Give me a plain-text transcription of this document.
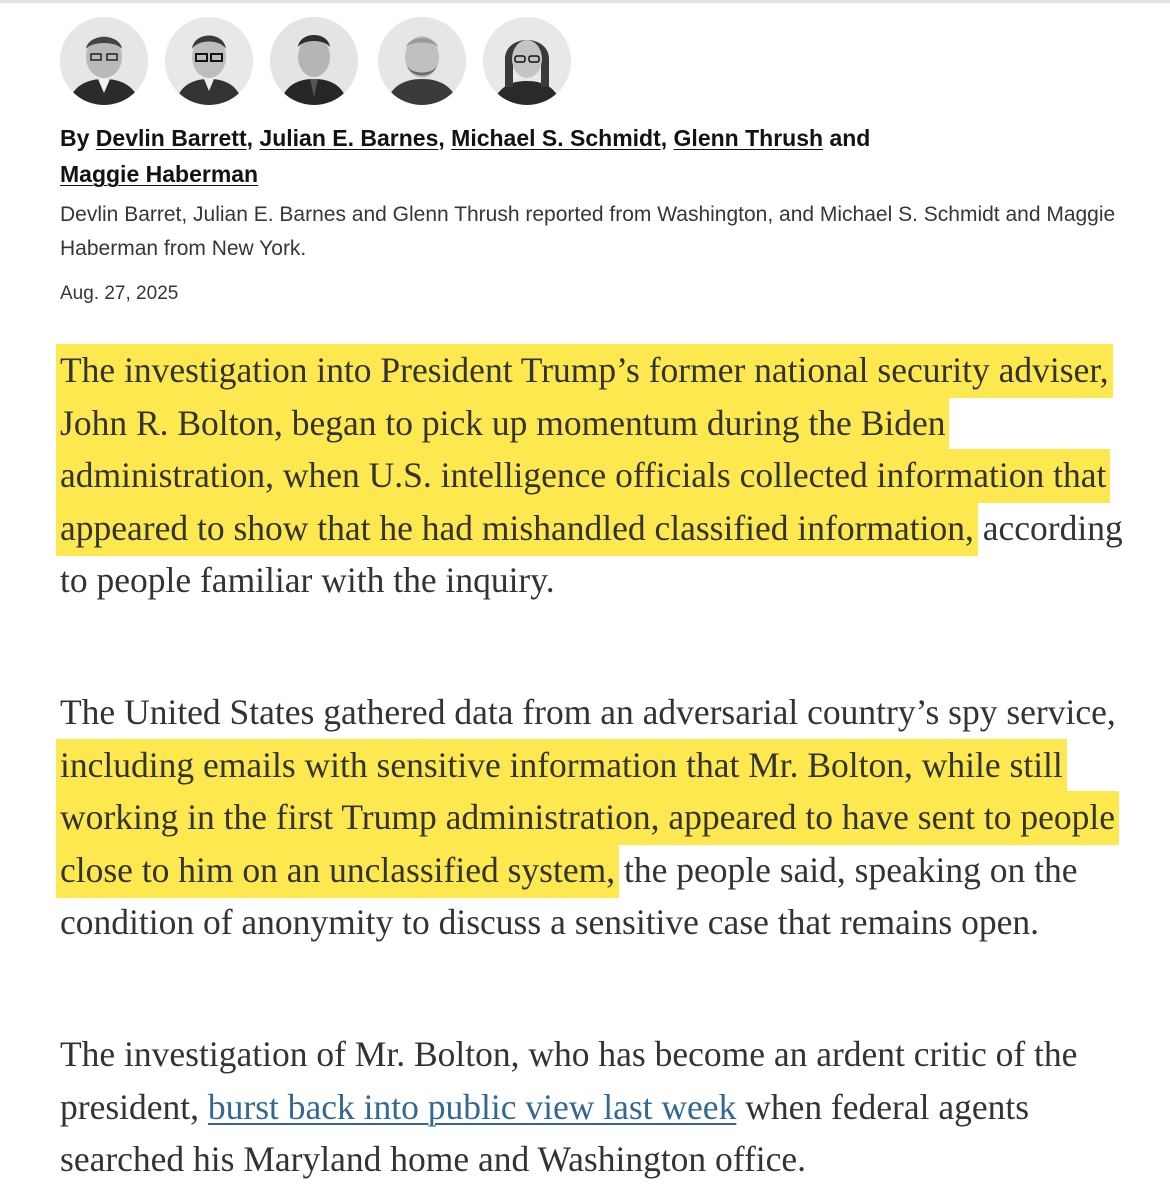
By Devlin Barrett, Julian E. Barnes, Michael S. Schmidt, Glenn Thrush and
Maggie Haberman

Devlin Barret, Julian E. Barnes and Glenn Thrush reported from Washington, and Michael S. Schmidt and Maggie Haberman from New York.

Aug. 27, 2025

The investigation into President Trump’s former national security adviser, John R. Bolton, began to pick up momentum during the Biden administration, when U.S. intelligence officials collected information that appeared to show that he had mishandled classified information, according to people familiar with the inquiry.

The United States gathered data from an adversarial country’s spy service, including emails with sensitive information that Mr. Bolton, while still working in the first Trump administration, appeared to have sent to people close to him on an unclassified system, the people said, speaking on the condition of anonymity to discuss a sensitive case that remains open.

The investigation of Mr. Bolton, who has become an ardent critic of the president, burst back into public view last week when federal agents searched his Maryland home and Washington office.
